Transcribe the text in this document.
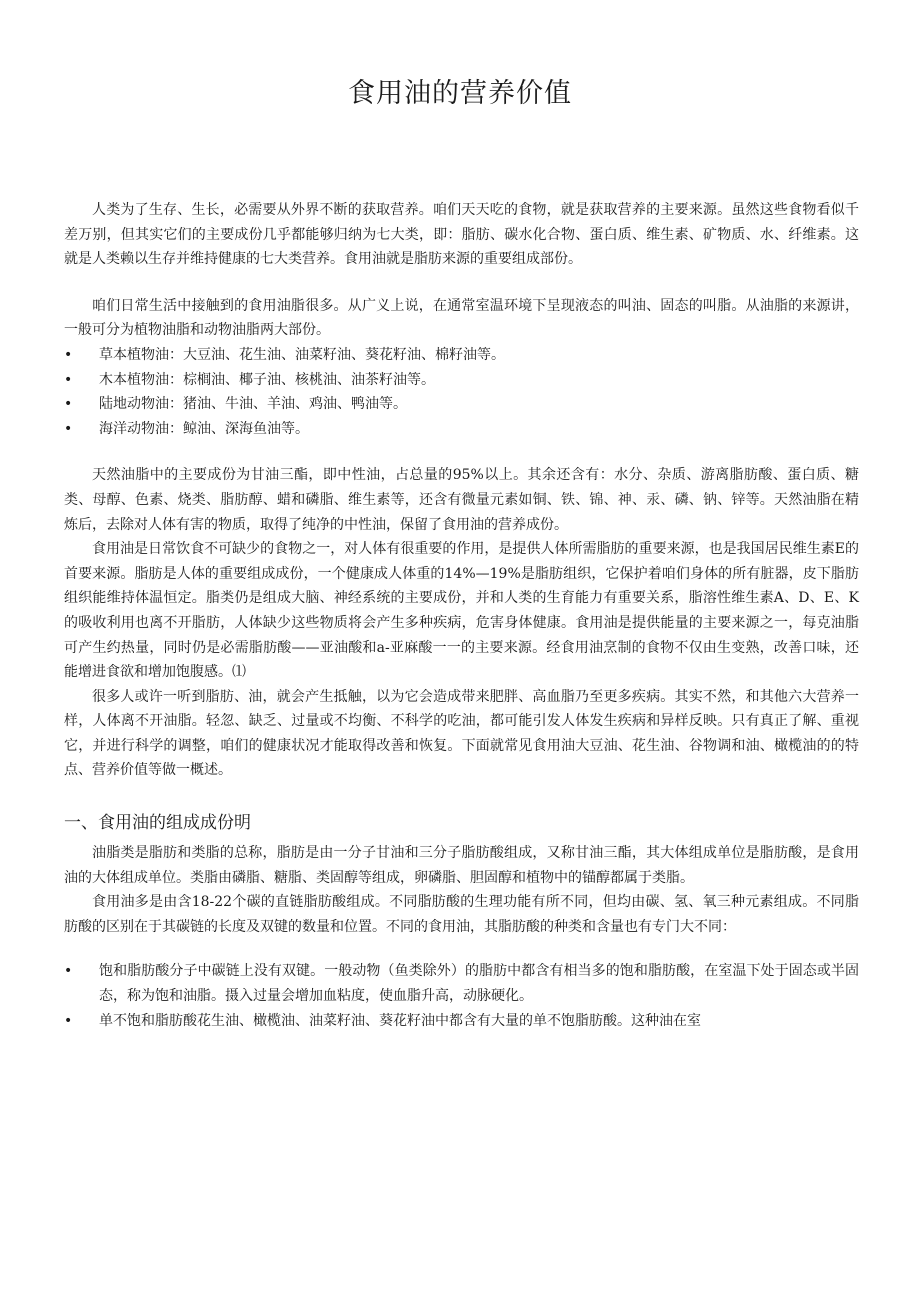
食用油的营养价值

人类为了生存、生长，必需要从外界不断的获取营养。咱们天天吃的食物，就是获取营养的主要来源。虽然这些食物看似千差万别，但其实它们的主要成份几乎都能够归纳为七大类，即：脂肪、碳水化合物、蛋白质、维生素、矿物质、水、纤维素。这就是人类赖以生存并维持健康的七大类营养。食用油就是脂肪来源的重要组成部份。

咱们日常生活中接触到的食用油脂很多。从广义上说，在通常室温环境下呈现液态的叫油、固态的叫脂。从油脂的来源讲，一般可分为植物油脂和动物油脂两大部份。

• 草本植物油：大豆油、花生油、油菜籽油、葵花籽油、棉籽油等。
• 木本植物油：棕榈油、椰子油、核桃油、油茶籽油等。
• 陆地动物油：猪油、牛油、羊油、鸡油、鸭油等。
• 海洋动物油：鲸油、深海鱼油等。

天然油脂中的主要成份为甘油三酯，即中性油，占总量的95%以上。其余还含有：水分、杂质、游离脂肪酸、蛋白质、糖类、母醇、色素、烧类、脂肪醇、蜡和磷脂、维生素等，还含有微量元素如铜、铁、锦、神、汞、磷、钠、锌等。天然油脂在精炼后，去除对人体有害的物质，取得了纯净的中性油，保留了食用油的营养成份。

食用油是日常饮食不可缺少的食物之一，对人体有很重要的作用，是提供人体所需脂肪的重要来源，也是我国居民维生素E的首要来源。脂肪是人体的重要组成成份，一个健康成人体重的14%—19%是脂肪组织，它保护着咱们身体的所有脏器，皮下脂肪组织能维持体温恒定。脂类仍是组成大脑、神经系统的主要成份，并和人类的生育能力有重要关系，脂溶性维生素A、D、E、K的吸收利用也离不开脂肪，人体缺少这些物质将会产生多种疾病，危害身体健康。食用油是提供能量的主要来源之一，每克油脂可产生约热量，同时仍是必需脂肪酸——亚油酸和a-亚麻酸一一的主要来源。经食用油烹制的食物不仅由生变熟，改善口味，还能增进食欲和增加饱腹感。⑴

很多人或许一听到脂肪、油，就会产生抵触，以为它会造成带来肥胖、高血脂乃至更多疾病。其实不然，和其他六大营养一样，人体离不开油脂。轻忽、缺乏、过量或不均衡、不科学的吃油，都可能引发人体发生疾病和异样反映。只有真正了解、重视它，并进行科学的调整，咱们的健康状况才能取得改善和恢复。下面就常见食用油大豆油、花生油、谷物调和油、橄榄油的的特点、营养价值等做一概述。

一、食用油的组成成份明

油脂类是脂肪和类脂的总称，脂肪是由一分子甘油和三分子脂肪酸组成，又称甘油三酯，其大体组成单位是脂肪酸，是食用油的大体组成单位。类脂由磷脂、糖脂、类固醇等组成，卵磷脂、胆固醇和植物中的锚醇都属于类脂。

食用油多是由含18-22个碳的直链脂肪酸组成。不同脂肪酸的生理功能有所不同，但均由碳、氢、氧三种元素组成。不同脂肪酸的区别在于其碳链的长度及双键的数量和位置。不同的食用油，其脂肪酸的种类和含量也有专门大不同：

• 饱和脂肪酸分子中碳链上没有双键。一般动物（鱼类除外）的脂肪中都含有相当多的饱和脂肪酸，在室温下处于固态或半固态，称为饱和油脂。摄入过量会增加血粘度，使血脂升高，动脉硬化。
• 单不饱和脂肪酸花生油、橄榄油、油菜籽油、葵花籽油中都含有大量的单不饱脂肪酸。这种油在室
